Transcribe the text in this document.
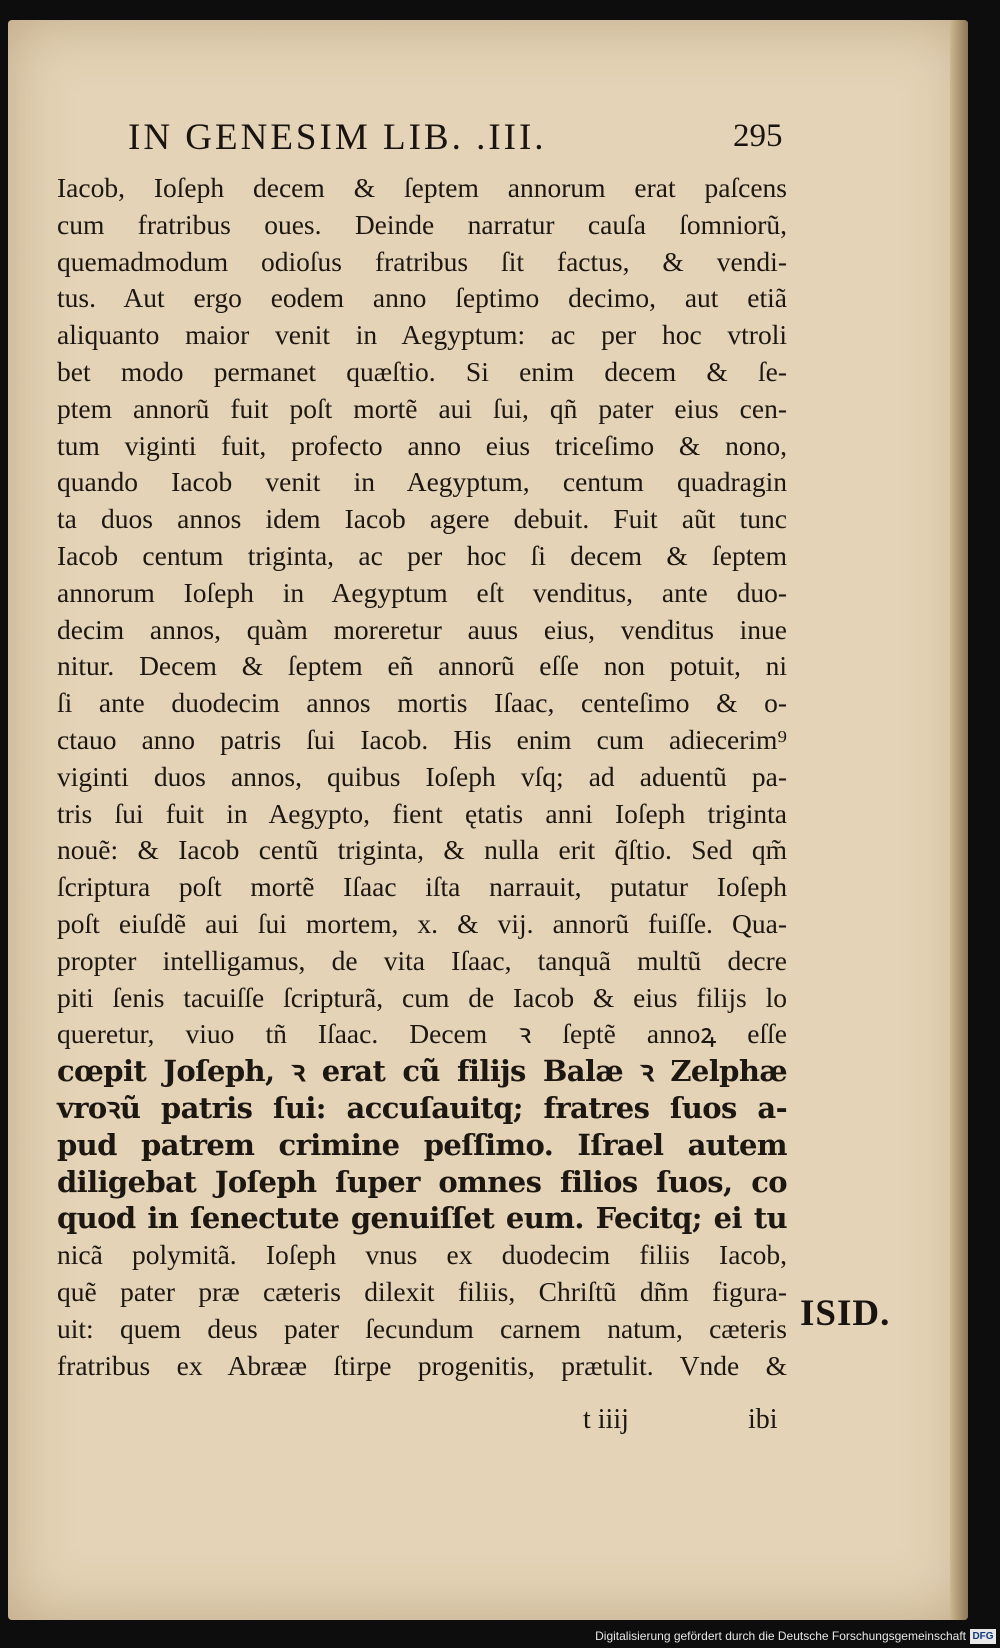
IN GENESIM LIB. .III.	295
Iacob, Ioſeph decem & ſeptem annorum erat paſcens
cum fratribus oues. Deinde narratur cauſa ſomniorũ,
quemadmodum odioſus fratribus ſit factus, & vendi-
tus. Aut ergo eodem anno ſeptimo decimo, aut etiã
aliquanto maior venit in Aegyptum: ac per hoc vtroli
bet modo permanet quæſtio. Si enim decem & ſe-
ptem annorũ fuit poſt mortẽ aui ſui, qñ pater eius cen-
tum viginti fuit, profecto anno eius triceſimo & nono,
quando Iacob venit in Aegyptum, centum quadragin
ta duos annos idem Iacob agere debuit. Fuit aũt tunc
Iacob centum triginta, ac per hoc ſi decem & ſeptem
annorum Ioſeph in Aegyptum eſt venditus, ante duo-
decim annos, quàm moreretur auus eius, venditus inue
nitur. Decem & ſeptem eñ annorũ eſſe non potuit, ni
ſi ante duodecim annos mortis Iſaac, centeſimo & o-
ctauo anno patris ſui Iacob. His enim cum adiecerim⁹
viginti duos annos, quibus Ioſeph vſq; ad aduentũ pa-
tris ſui fuit in Aegypto, fient ętatis anni Ioſeph triginta
nouẽ: & Iacob centũ triginta, & nulla erit q̃ſtio. Sed qm̃
ſcriptura poſt mortẽ Iſaac iſta narrauit, putatur Ioſeph
poſt eiuſdẽ aui ſui mortem, x. & vij. annorũ fuiſſe. Qua-
propter intelligamus, de vita Iſaac, tanquã multũ decre
piti ſenis tacuiſſe ſcripturã, cum de Iacob & eius filijs lo
queretur, viuo tñ Iſaac. Decem ꝛ ſeptẽ annoꝝ eſſe
cœpit Joſeph, ꝛ erat cũ filijs Balæ ꝛ Zelphæ
vroꝛũ patris ſui: accuſauitq; fratres ſuos a-
pud patrem crimine peſſimo. Iſrael autem
diligebat Joſeph ſuper omnes filios ſuos, co
quod in ſenectute genuiſſet eum. Fecitq; ei tu
nicã polymitã. Ioſeph vnus ex duodecim filiis Iacob,
quẽ pater præ cæteris dilexit filiis, Chriſtũ dñm figura-
uit: quem deus pater ſecundum carnem natum, cæteris
fratribus ex Abrææ ſtirpe progenitis, prætulit. Vnde &
ISID.
t iiij	ibi
Digitalisierung gefördert durch die Deutsche Forschungsgemeinschaft DFG
